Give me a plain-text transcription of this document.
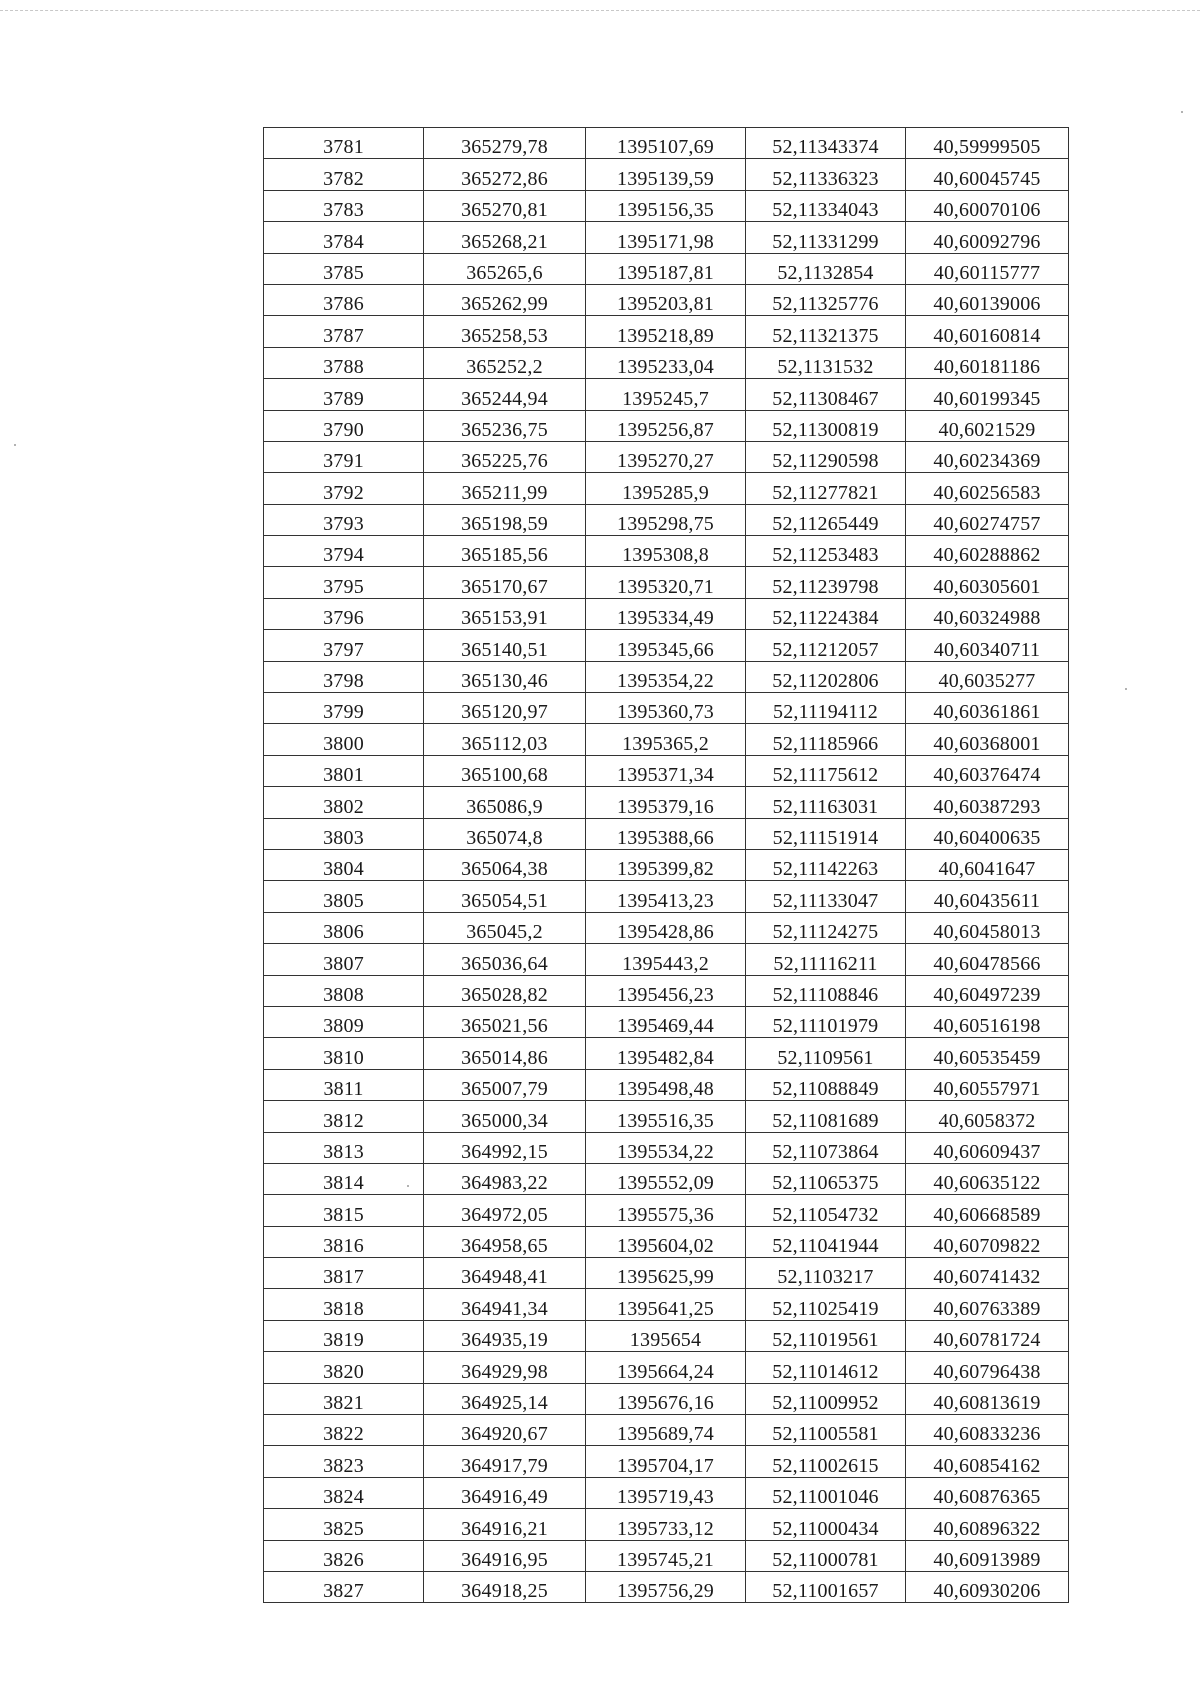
3781	365279,78	1395107,69	52,11343374	40,59999505
3782	365272,86	1395139,59	52,11336323	40,60045745
3783	365270,81	1395156,35	52,11334043	40,60070106
3784	365268,21	1395171,98	52,11331299	40,60092796
3785	365265,6	1395187,81	52,1132854	40,60115777
3786	365262,99	1395203,81	52,11325776	40,60139006
3787	365258,53	1395218,89	52,11321375	40,60160814
3788	365252,2	1395233,04	52,1131532	40,60181186
3789	365244,94	1395245,7	52,11308467	40,60199345
3790	365236,75	1395256,87	52,11300819	40,6021529
3791	365225,76	1395270,27	52,11290598	40,60234369
3792	365211,99	1395285,9	52,11277821	40,60256583
3793	365198,59	1395298,75	52,11265449	40,60274757
3794	365185,56	1395308,8	52,11253483	40,60288862
3795	365170,67	1395320,71	52,11239798	40,60305601
3796	365153,91	1395334,49	52,11224384	40,60324988
3797	365140,51	1395345,66	52,11212057	40,60340711
3798	365130,46	1395354,22	52,11202806	40,6035277
3799	365120,97	1395360,73	52,11194112	40,60361861
3800	365112,03	1395365,2	52,11185966	40,60368001
3801	365100,68	1395371,34	52,11175612	40,60376474
3802	365086,9	1395379,16	52,11163031	40,60387293
3803	365074,8	1395388,66	52,11151914	40,60400635
3804	365064,38	1395399,82	52,11142263	40,6041647
3805	365054,51	1395413,23	52,11133047	40,60435611
3806	365045,2	1395428,86	52,11124275	40,60458013
3807	365036,64	1395443,2	52,11116211	40,60478566
3808	365028,82	1395456,23	52,11108846	40,60497239
3809	365021,56	1395469,44	52,11101979	40,60516198
3810	365014,86	1395482,84	52,1109561	40,60535459
3811	365007,79	1395498,48	52,11088849	40,60557971
3812	365000,34	1395516,35	52,11081689	40,6058372
3813	364992,15	1395534,22	52,11073864	40,60609437
3814	364983,22	1395552,09	52,11065375	40,60635122
3815	364972,05	1395575,36	52,11054732	40,60668589
3816	364958,65	1395604,02	52,11041944	40,60709822
3817	364948,41	1395625,99	52,1103217	40,60741432
3818	364941,34	1395641,25	52,11025419	40,60763389
3819	364935,19	1395654	52,11019561	40,60781724
3820	364929,98	1395664,24	52,11014612	40,60796438
3821	364925,14	1395676,16	52,11009952	40,60813619
3822	364920,67	1395689,74	52,11005581	40,60833236
3823	364917,79	1395704,17	52,11002615	40,60854162
3824	364916,49	1395719,43	52,11001046	40,60876365
3825	364916,21	1395733,12	52,11000434	40,60896322
3826	364916,95	1395745,21	52,11000781	40,60913989
3827	364918,25	1395756,29	52,11001657	40,60930206
